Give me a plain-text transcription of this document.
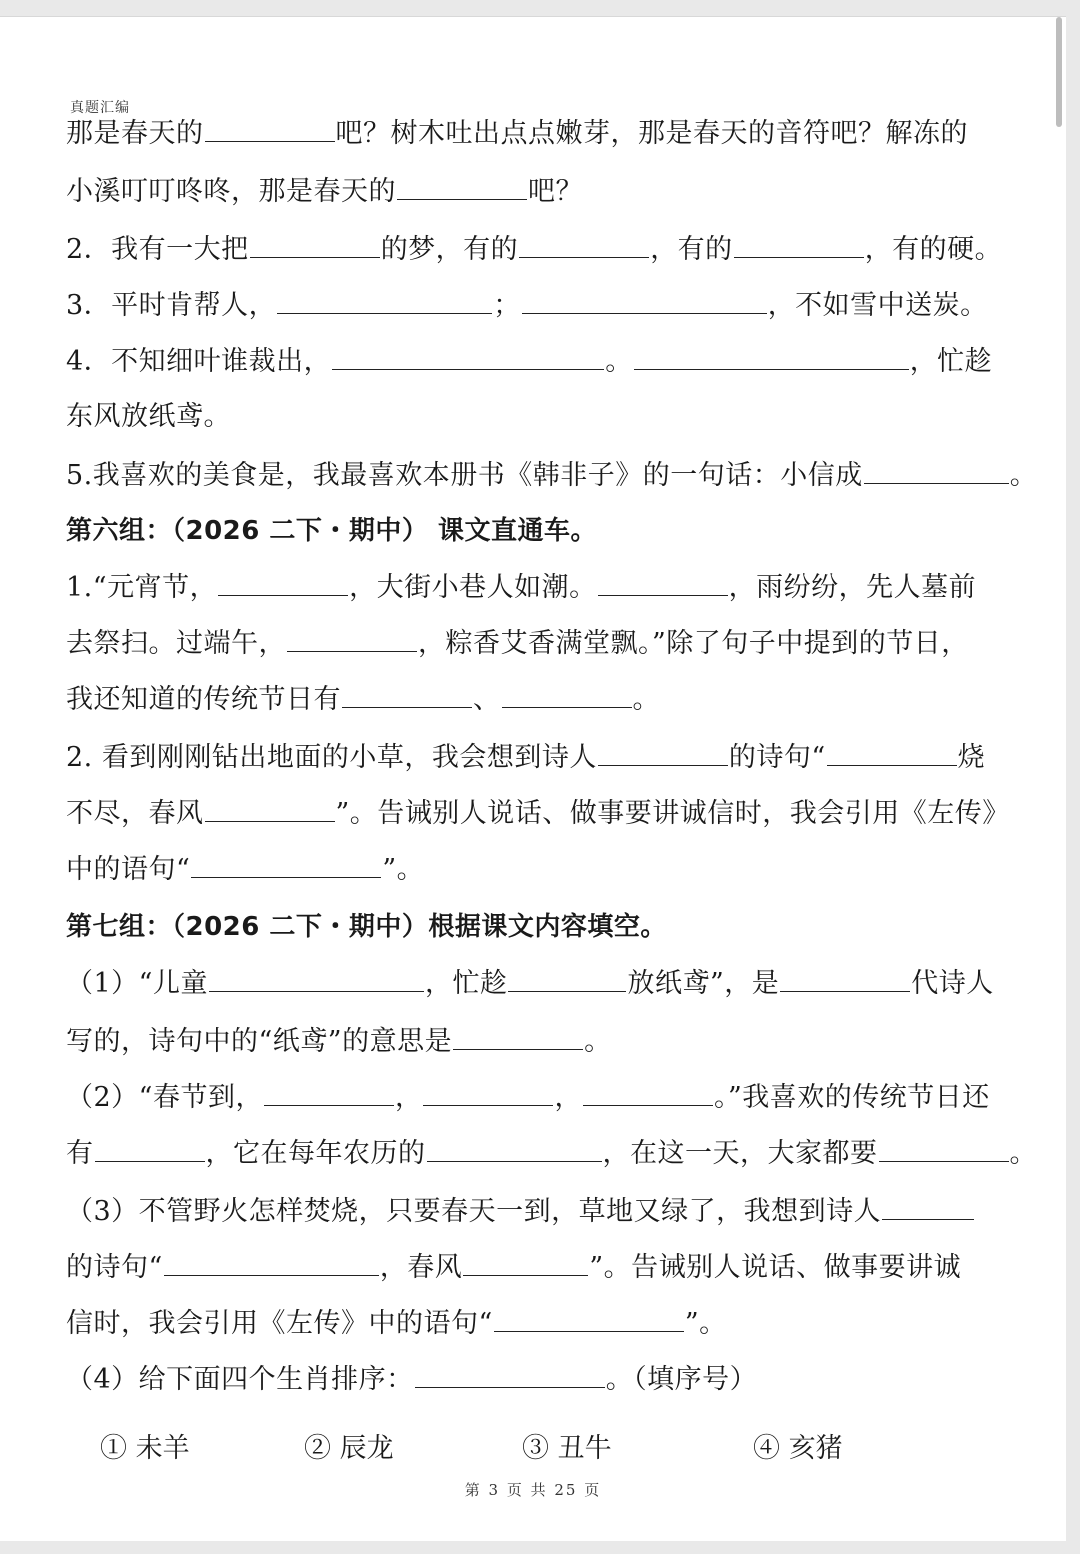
真题汇编
那是春天的	吧？树木吐出点点嫩芽，那是春天的音符吧？解冻的
小溪叮叮咚咚，那是春天的	吧？
2．我有一大把	的梦，有的	，有的	，有的硬。
3．平时肯帮人，	；	，不如雪中送炭。
4．不知细叶谁裁出，	。	，忙趁
东风放纸鸢。
5.我喜欢的美食是，我最喜欢本册书《韩非子》的一句话：小信成	。
第六组：（2026 二下・期中） 课文直通车。
1.“元宵节，	，大街小巷人如潮。	，雨纷纷，先人墓前
去祭扫。过端午，	，粽香艾香满堂飘。”除了句子中提到的节日，
我还知道的传统节日有	、	。
2. 看到刚刚钻出地面的小草，我会想到诗人	的诗句“	烧
不尽，春风	”。告诫别人说话、做事要讲诚信时，我会引用《左传》
中的语句“	”。
第七组：（2026 二下・期中）根据课文内容填空。
（1）“儿童	，忙趁	放纸鸢”，是	代诗人
写的，诗句中的“纸鸢”的意思是	。
（2）“春节到，	，	，	。”我喜欢的传统节日还
有	，它在每年农历的	，在这一天，大家都要	。
（3）不管野火怎样焚烧，只要春天一到，草地又绿了，我想到诗人
的诗句“	，春风	”。告诫别人说话、做事要讲诚
信时，我会引用《左传》中的语句“	”。
（4）给下面四个生肖排序：	。（填序号）
① 未羊	② 辰龙	③ 丑牛	④ 亥猪
第 3 页 共 25 页
